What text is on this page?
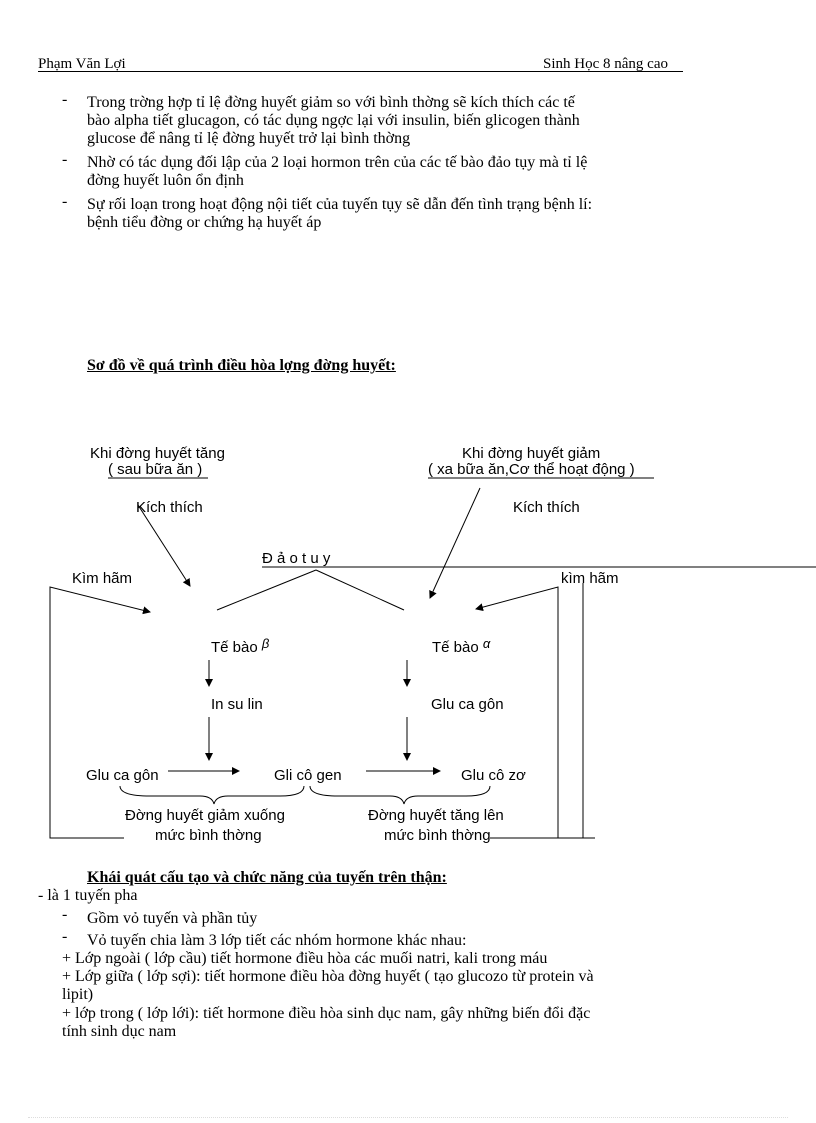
Phạm Văn Lợi	Sinh Học 8 nâng cao
- Trong trờng hợp tỉ lệ đờng huyết giảm so với bình thờng sẽ kích thích các tế
bào alpha tiết glucagon, có tác dụng ngợc lại với insulin, biến glicogen thành
glucose để nâng tỉ lệ đờng huyết trở lại bình thờng
- Nhờ có tác dụng đối lập của 2 loại hormon trên của các tế bào đảo tụy mà tỉ lệ
đờng huyết luôn ổn định
- Sự rối loạn trong hoạt động nội tiết của tuyến tụy sẽ dẫn đến tình trạng bệnh lí:
bệnh tiểu đờng or chứng hạ huyết áp
Sơ đồ về quá trình điều hòa lợng đờng huyết:
Khi đờng huyết tăng
( sau bữa ăn )
Khi đờng huyết giảm
( xa bữa ăn,Cơ thể hoạt động )
Kích thích	Kích thích
Đ ả o t u y
Kìm hãm	kìm hãm
Tế bào β	Tế bào α
In su lin	Glu ca gôn
Glu ca gôn	Gli cô gen	Glu cô zơ
Đờng huyết giảm xuống
mức bình thờng
Đờng huyết tăng lên
mức bình thờng
Khái quát cấu tạo và chức năng của tuyến trên thận:
- là 1 tuyến pha
- Gồm vỏ tuyến và phần tủy
- Vỏ tuyến chia làm 3 lớp tiết các nhóm hormone khác nhau:
+ Lớp ngoài ( lớp cầu) tiết hormone điều hòa các muối natri, kali trong máu
+ Lớp giữa ( lớp sợi): tiết hormone điều hòa đờng huyết ( tạo glucozo từ protein và
lipit)
+ lớp trong ( lớp lới): tiết hormone điều hòa sinh dục nam, gây những biến đổi đặc
tính sinh dục nam
